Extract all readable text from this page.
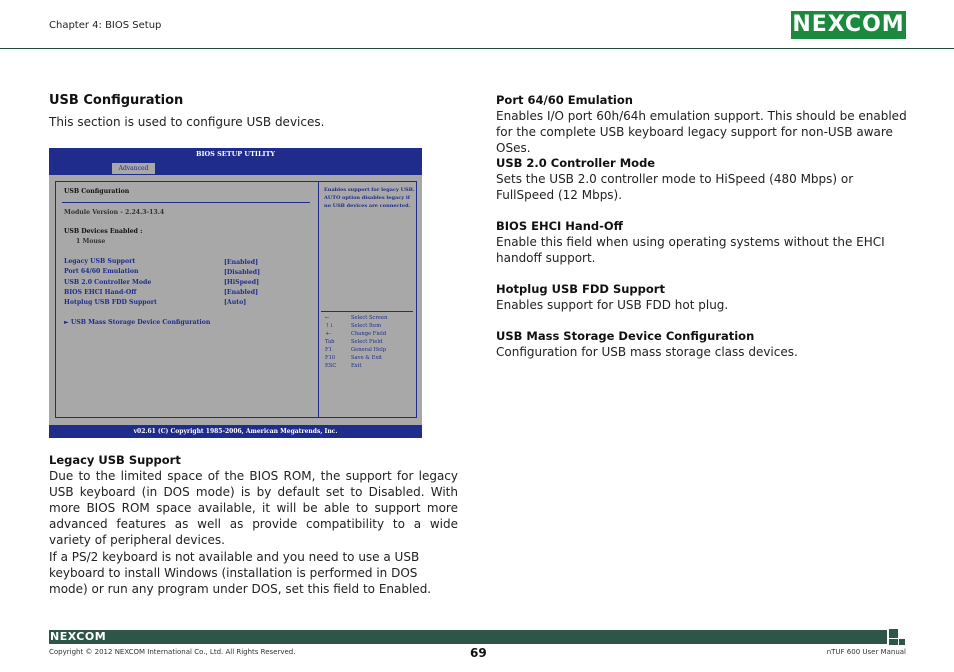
Chapter 4: BIOS Setup	NEXCOM
USB Configuration
This section is used to configure USB devices.
BIOS SETUP UTILITY
Advanced
USB Configuration
Module Version - 2.24.3-13.4
USB Devices Enabled :
1 Mouse
Legacy USB Support	[Enabled]
Port 64/60 Emulation	[Disabled]
USB 2.0 Controller Mode	[HiSpeed]
BIOS EHCI Hand-Off	[Enabled]
Hotplug USB FDD Support	[Auto]
► USB Mass Storage Device Configuration
Enables support for legacy USB. AUTO option disables legacy if no USB devices are connected.
←	Select Screen
↑↓	Select Item
+-	Change Field
Tab	Select Field
F1	General Help
F10	Save & Exit
ESC	Exit
v02.61 (C) Copyright 1985-2006, American Megatrends, Inc.
Legacy USB Support
Due to the limited space of the BIOS ROM, the support for legacy USB keyboard (in DOS mode) is by default set to Disabled. With more BIOS ROM space available, it will be able to support more advanced features as well as provide compatibility to a wide variety of peripheral devices.
If a PS/2 keyboard is not available and you need to use a USB keyboard to install Windows (installation is performed in DOS mode) or run any program under DOS, set this field to Enabled.
Port 64/60 Emulation
Enables I/O port 60h/64h emulation support. This should be enabled for the complete USB keyboard legacy support for non-USB aware OSes.
USB 2.0 Controller Mode
Sets the USB 2.0 controller mode to HiSpeed (480 Mbps) or FullSpeed (12 Mbps).
BIOS EHCI Hand-Off
Enable this field when using operating systems without the EHCI handoff support.
Hotplug USB FDD Support
Enables support for USB FDD hot plug.
USB Mass Storage Device Configuration
Configuration for USB mass storage class devices.
NEXCOM
Copyright © 2012 NEXCOM International Co., Ltd. All Rights Reserved.	69	nTUF 600 User Manual
